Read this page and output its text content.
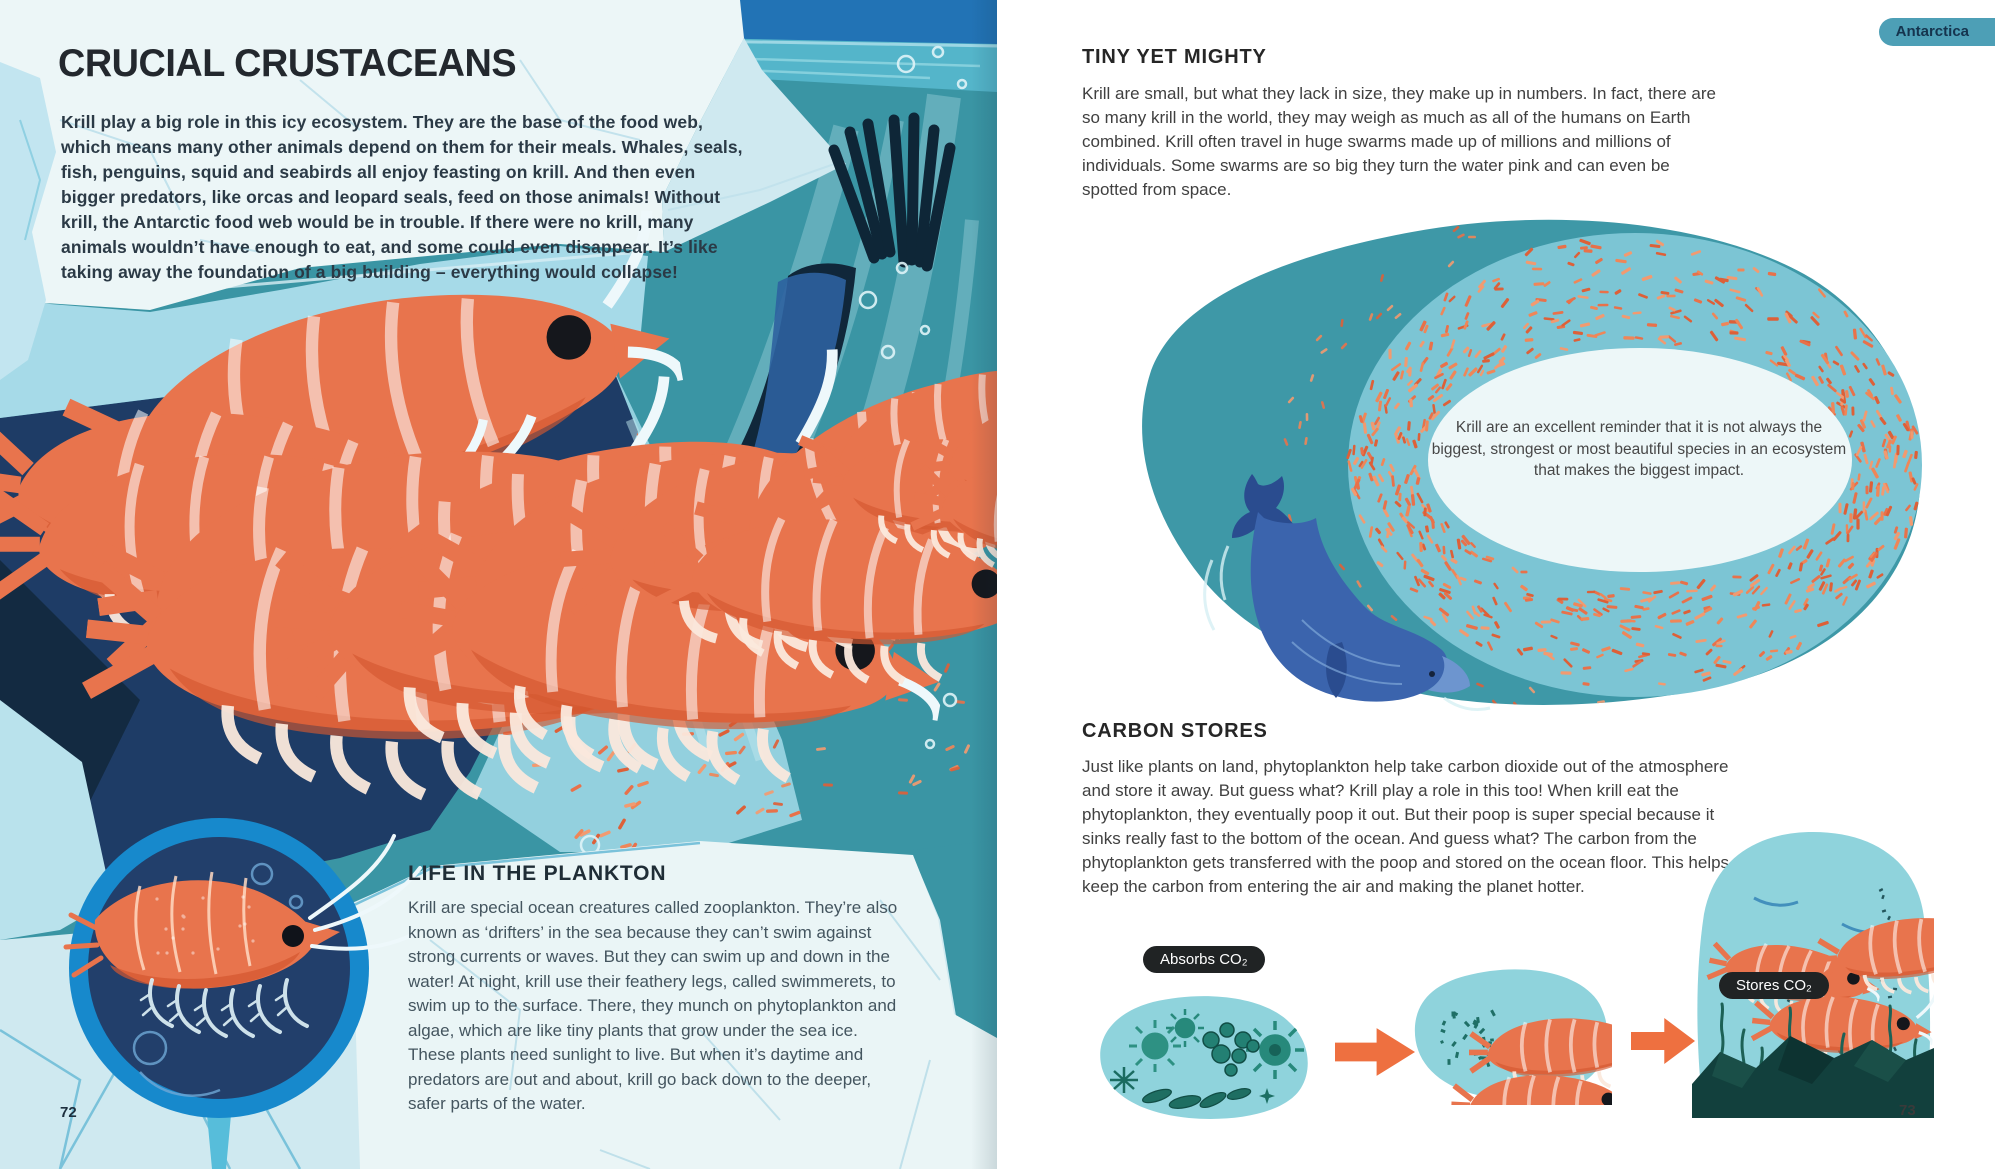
CRUCIAL CRUSTACEANS

Krill play a big role in this icy ecosystem. They are the base of the food web, which means many other animals depend on them for their meals. Whales, seals, fish, penguins, squid and seabirds all enjoy feasting on krill. And then even bigger predators, like orcas and leopard seals, feed on those animals! Without krill, the Antarctic food web would be in trouble. If there were no krill, many animals wouldn’t have enough to eat, and some could even disappear. It’s like taking away the foundation of a big building – everything would collapse!

LIFE IN THE PLANKTON

Krill are special ocean creatures called zooplankton. They’re also known as ‘drifters’ in the sea because they can’t swim against strong currents or waves. But they can swim up and down in the water! At night, krill use their feathery legs, called swimmerets, to swim up to the surface. There, they munch on phytoplankton and algae, which are like tiny plants that grow under the sea ice. These plants need sunlight to live. But when it’s daytime and predators are out and about, krill go back down to the deeper, safer parts of the water.

72
Antarctica
TINY YET MIGHTY

Krill are small, but what they lack in size, they make up in numbers. In fact, there are so many krill in the world, they may weigh as much as all of the humans on Earth combined. Krill often travel in huge swarms made up of millions and millions of individuals. Some swarms are so big they turn the water pink and can even be spotted from space.

Krill are an excellent reminder that it is not always the biggest, strongest or most beautiful species in an ecosystem that makes the biggest impact.
CARBON STORES

Just like plants on land, phytoplankton help take carbon dioxide out of the atmosphere and store it away. But guess what? Krill play a role in this too! When krill eat the phytoplankton, they eventually poop it out. But their poop is super special because it sinks really fast to the bottom of the ocean. And guess what? The carbon from the phytoplankton gets transferred with the poop and stored on the ocean floor. This helps keep the carbon from entering the air and making the planet hotter.

Absorbs CO₂
Stores CO₂
73
